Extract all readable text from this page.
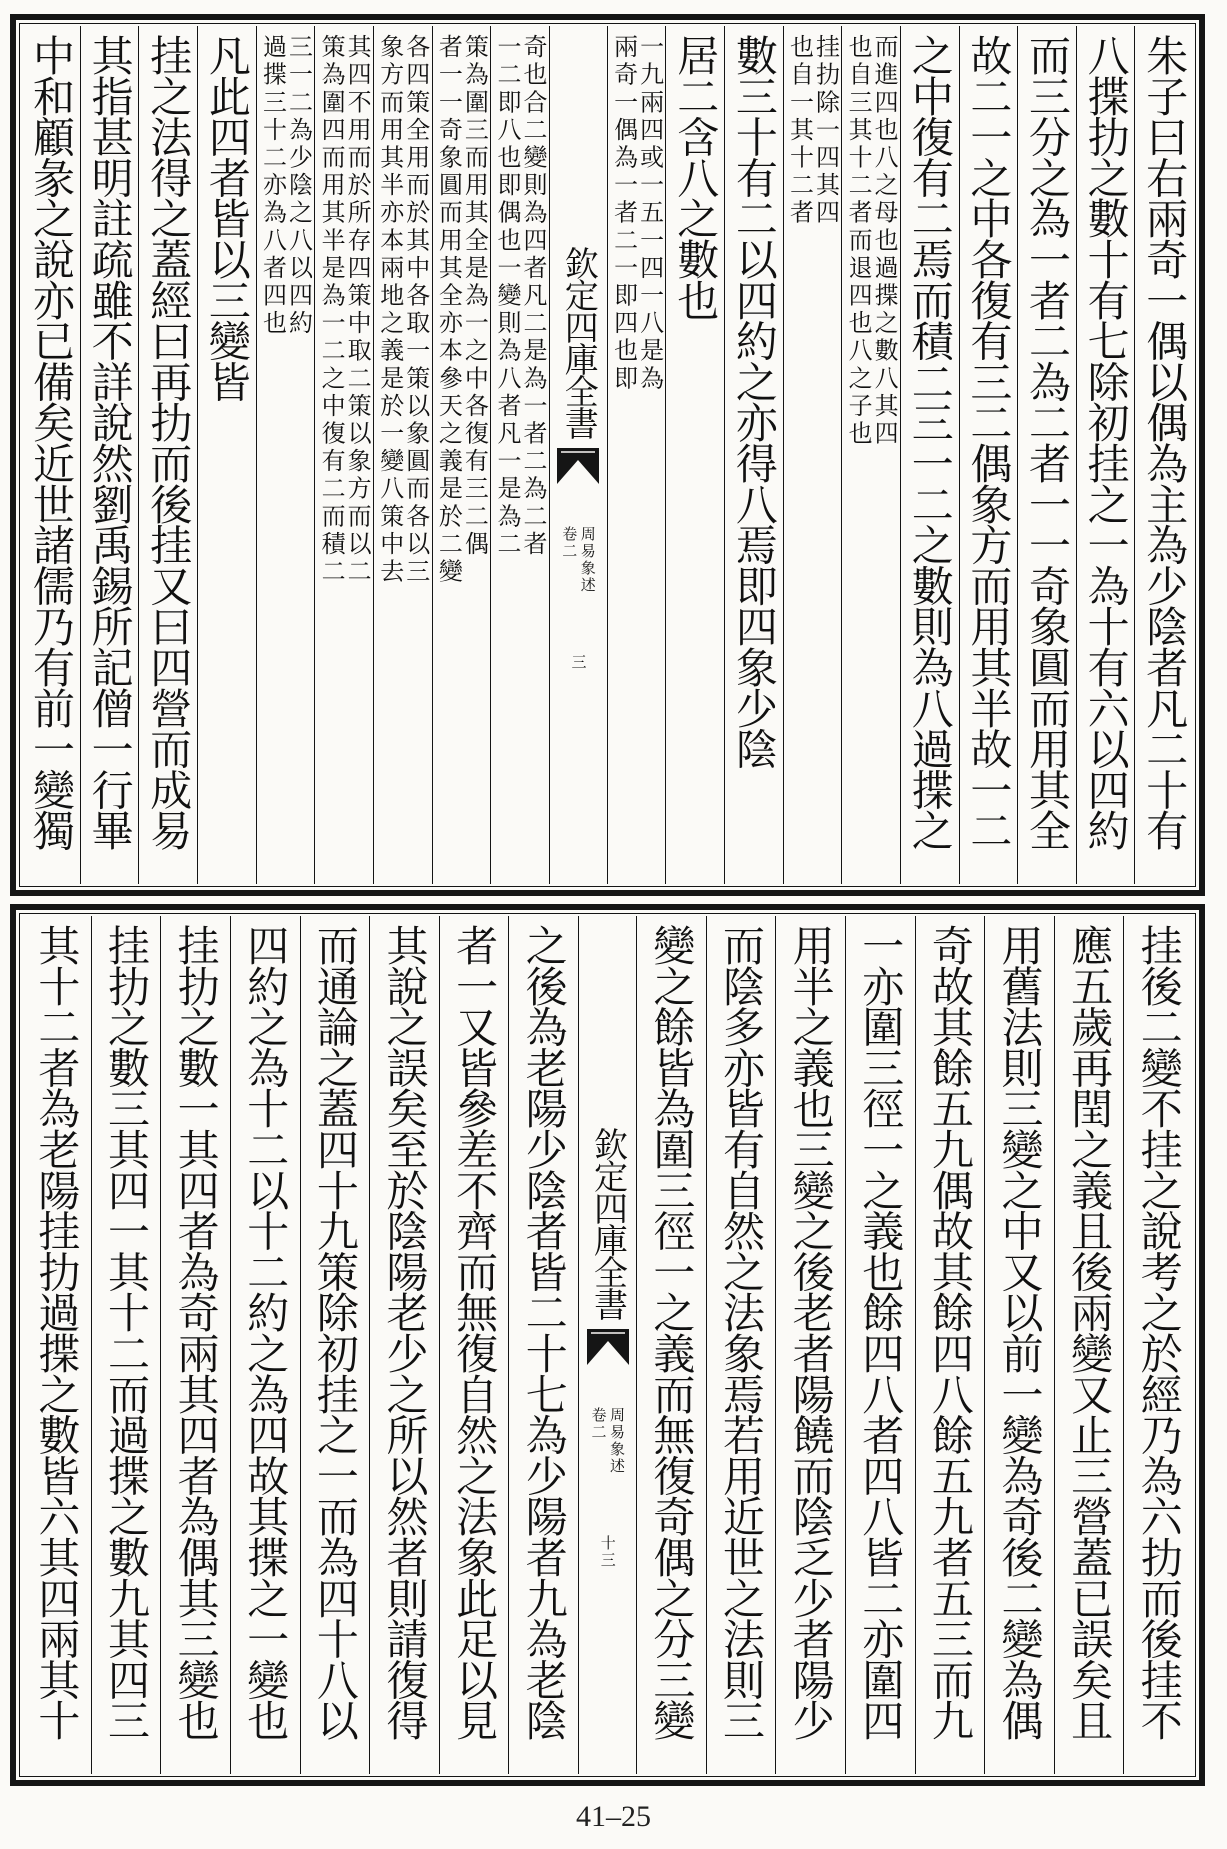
朱子曰右兩奇一偶以偶為主為少陰者凡二十有
八揲扐之數十有七除初挂之一為十有六以四約
而三分之為一者二為二者一一奇象圓而用其全
故二一之中各復有三二偶象方而用其半故一二
之中復有二焉而積二三一二之數則為八過揲之
而進四也八之母也過揲之數八其四
也自三其十二者而退四也八之子也
挂扐除一四其四
也自一其十二者
數三十有二以四約之亦得八焉即四象少陰
居二含八之數也
一九兩四或一五一四一八是為
兩奇一偶為一者二一即四也即
欽定四庫全書
周易象述
卷二
三
奇也合二變則為四者凡二是為一者二為二者
一二即八也即偶也一變則為八者凡一是為二
策為圍三而用其全是為一之中各復有三二偶
者一一奇象圓而用其全亦本參天之義是於二變
各四策全用而於其中各取一策以象圓而各以三
象方而用其半亦本兩地之義是於一變八策中去
其四不用而於所存四策中取二策以象方而以二
策為圍四而用其半是為一二之中復有二而積二
三一二為少陰之八以四約
過揲三十二亦為八者四也
凡此四者皆以三變皆
挂之法得之蓋經曰再扐而後挂又曰四營而成易
其指甚明註疏雖不詳說然劉禹錫所記僧一行畢
中和顧彖之說亦已備矣近世諸儒乃有前一變獨
挂後二變不挂之說考之於經乃為六扐而後挂不
應五歲再閏之義且後兩變又止三營蓋已誤矣且
用舊法則三變之中又以前一變為奇後二變為偶
奇故其餘五九偶故其餘四八餘五九者五三而九
一亦圍三徑一之義也餘四八者四八皆二亦圍四
用半之義也三變之後老者陽饒而陰乏少者陽少
而陰多亦皆有自然之法象焉若用近世之法則三
變之餘皆為圍三徑一之義而無復奇偶之分三變
欽定四庫全書
周易象述
卷二
十三
之後為老陽少陰者皆二十七為少陽者九為老陰
者一又皆參差不齊而無復自然之法象此足以見
其說之誤矣至於陰陽老少之所以然者則請復得
而通論之蓋四十九策除初挂之一而為四十八以
四約之為十二以十二約之為四故其揲之一變也
挂扐之數一其四者為奇兩其四者為偶其三變也
挂扐之數三其四一其十二而過揲之數九其四三
其十二者為老陽挂扐過揲之數皆六其四兩其十
41–25
